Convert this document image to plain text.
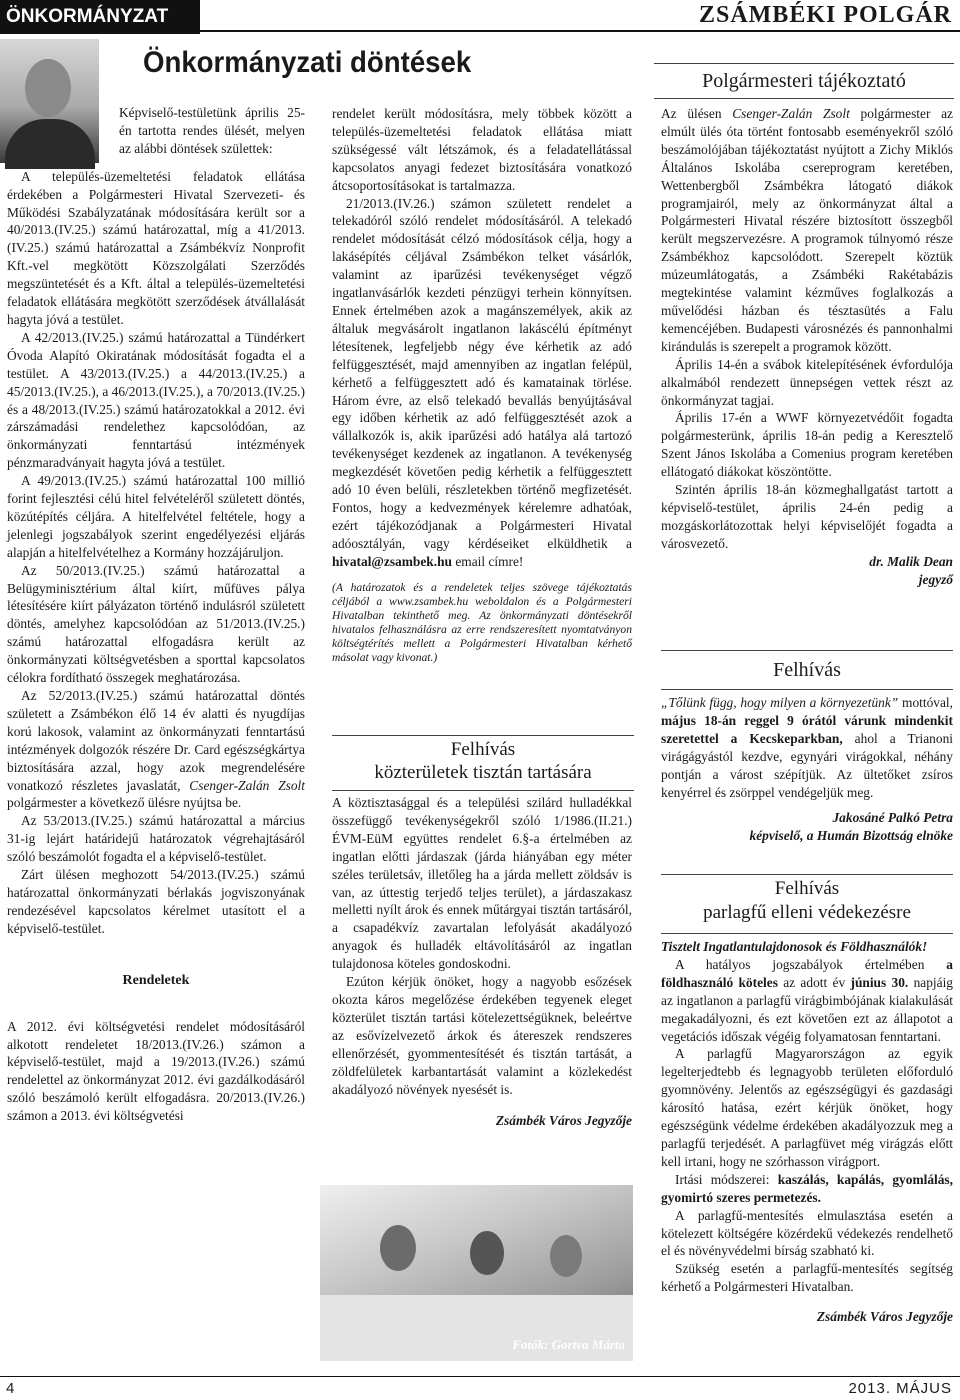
ÖNKORMÁNYZAT	ZSÁMBÉKI POLGÁR
Önkormányzati döntések
Polgármesteri tájékoztató

Képviselő-testületünk április 25-én tartotta rendes ülését, melyen az alábbi döntések születtek:

A település-üzemeltetési feladatok ellátása érdekében a Polgármesteri Hivatal Szervezeti- és Működési Szabályzatának módosítására került sor a 40/2013.(IV.25.) számú határozattal, míg a 41/2013.(IV.25.) számú határozattal a Zsámbékvíz Nonprofit Kft.-vel megkötött Közszolgálati Szerződés megszüntetését és a Kft. által a település-üzemeltetési feladatok ellátására megkötött szerződések átvállalását hagyta jóvá a testület.

A 42/2013.(IV.25.) számú határozattal a Tündérkert Óvoda Alapító Okiratának módosítását fogadta el a testület. A 43/2013.(IV.25.) a 44/2013.(IV.25.) a 45/2013.(IV.25.), a 46/2013.(IV.25.), a 70/2013.(IV.25.) és a 48/2013.(IV.25.) számú határozatokkal a 2012. évi zárszámadási rendelethez kapcsolódóan, az önkormányzati fenntartású intézmények pénzmaradványait hagyta jóvá a testület.

A 49/2013.(IV.25.) számú határozattal 100 millió forint fejlesztési célú hitel felvételéről született döntés, közútépítés céljára. A hitelfelvétel feltétele, hogy a jelenlegi jogszabályok szerint engedélyezési eljárás alapján a hitelfelvételhez a Kormány hozzájáruljon.

Az 50/2013.(IV.25.) számú határozattal a Belügyminisztérium által kiírt, műfüves pálya létesítésére kiírt pályázaton történő indulásról született döntés, amelyhez kapcsolódóan az 51/2013.(IV.25.) számú határozattal elfogadásra került az önkormányzati költségvetésben a sporttal kapcsolatos célokra fordítható összegek meghatározása.

Az 52/2013.(IV.25.) számú határozattal döntés született a Zsámbékon élő 14 év alatti és nyugdíjas korú lakosok, valamint az önkormányzati fenntartású intézmények dolgozók részére Dr. Card egészségkártya biztosítására azzal, hogy azok megrendelésére vonatkozó részletes javaslatát, Csenger-Zalán Zsolt polgármester a következő ülésre nyújtsa be.

Az 53/2013.(IV.25.) számú határozattal a március 31-ig lejárt határidejű határozatok végrehajtásáról szóló beszámolót fogadta el a képviselő-testület.

Zárt ülésen meghozott 54/2013.(IV.25.) számú határozattal önkormányzati bérlakás jogviszonyának rendezésével kapcsolatos kérelmet utasított el a képviselő-testület.

Rendeletek

A 2012. évi költségvetési rendelet módosításáról alkotott rendeletet 18/2013.(IV.26.) számon a képviselő-testület, majd a 19/2013.(IV.26.) számú rendelettel az önkormányzat 2012. évi gazdálkodásáról szóló beszámoló került elfogadásra. 20/2013.(IV.26.) számon a 2013. évi költségvetési

rendelet került módosításra, mely többek között a település-üzemeltetési feladatok ellátása miatt szükségessé vált létszámok, és a feladatellátással kapcsolatos anyagi fedezet biztosítására vonatkozó átcsoportosításokat is tartalmazza.

21/2013.(IV.26.) számon született rendelet a telekadóról szóló rendelet módosításáról. A telekadó rendelet módosítását célzó módosítások célja, hogy a lakásépítés céljával Zsámbékon telket vásárlók, valamint az iparűzési tevékenységet végző ingatlanvásárlók kezdeti pénzügyi terhein könnyítsen. Ennek értelmében azok a magánszemélyek, akik az általuk megvásárolt ingatlanon lakáscélú építményt létesítenek, legfeljebb négy éve kérhetik az adó felfüggesztését, majd amennyiben az ingatlan felépül, kérhető a felfüggesztett adó és kamatainak törlése. Három évre, az első telekadó bevallás benyújtásával egy időben kérhetik az adó felfüggesztését azok a vállalkozók is, akik iparűzési adó hatálya alá tartozó tevékenységet kezdenek az ingatlanon. A tevékenység megkezdését követően pedig kérhetik a felfüggesztett adó 10 éven belüli, részletekben történő megfizetését. Fontos, hogy a kedvezmények kérelemre adhatóak, ezért tájékozódjanak a Polgármesteri Hivatal adóosztályán, vagy kérdéseiket elküldhetik a hivatal@zsambek.hu email címre!

(A határozatok és a rendeletek teljes szövege tájékoztatás céljából a www.zsambek.hu weboldalon és a Polgármesteri Hivatalban tekinthető meg. Az önkormányzati döntésekről hivatalos felhasználásra az erre rendszeresített nyomtatványon költségtérítés mellett a Polgármesteri Hivatalban kérhető másolat vagy kivonat.)

Felhívás
közterületek tisztán tartására

A köztisztasággal és a települési szilárd hulladékkal összefüggő tevékenységekről szóló 1/1986.(II.21.) ÉVM-EüM együttes rendelet 6.§-a értelmében az ingatlan előtti járdaszak (járda hiányában egy méter széles területsáv, illetőleg ha a járda mellett zöldsáv is van, az úttestig terjedő teljes terület), a járdaszakasz melletti nyílt árok és ennek műtárgyai tisztán tartásáról, a csapadékvíz zavartalan lefolyását akadályozó anyagok és hulladék eltávolításáról az ingatlan tulajdonosa köteles gondoskodni.

Ezúton kérjük önöket, hogy a nagyobb esőzések okozta káros megelőzése érdekében tegyenek eleget közterület tisztán tartási kötelezettségüknek, beleértve az esővízelvezető árkok és átereszek rendszeres ellenőrzését, gyommentesítését és tisztán tartását, a zöldfelületek karbantartását valamint a közlekedést akadályozó növények nyesését is.

Zsámbék Város Jegyzője

Fotók: Gortva Márta

Az ülésen Csenger-Zalán Zsolt polgármester az elmúlt ülés óta történt fontosabb eseményekről szóló beszámolójában tájékoztatást nyújtott a Zichy Miklós Általános Iskolába csereprogram keretében, Wettenbergből Zsámbékra látogató diákok programjairól, mely az önkormányzat által a Polgármesteri Hivatal részére biztosított összegből került megszervezésre. A programok túlnyomó része Zsámbékhoz kapcsolódott. Szerepelt köztük múzeumlátogatás, a Zsámbéki Rakétabázis megtekintése valamint kézműves foglalkozás a művelődési házban és tésztasütés a Falu kemencéjében. Budapesti városnézés és pannonhalmi kirándulás is szerepelt a programok között.

Április 14-én a svábok kitelepítésének évfordulója alkalmából rendezett ünnepségen vettek részt az önkormányzat tagjai.

Április 17-én a WWF környezetvédőit fogadta polgármesterünk, április 18-án pedig a Keresztelő Szent János Iskolába a Comenius program keretében ellátogató diákokat köszöntötte.

Szintén április 18-án közmeghallgatást tartott a képviselő-testület, április 24-én pedig a mozgáskorlátozottak helyi képviselőjét fogadta a városvezető.

dr. Malik Dean

jegyző

Felhívás

„Tőlünk függ, hogy milyen a környezetünk” mottóval, május 18-án reggel 9 órától várunk mindenkit szeretettel a Kecskeparkban, ahol a Trianoni virágágyástól kezdve, egynyári virágokkal, néhány pontján a várost szépítjük. Az ültetőket zsíros kenyérrel és zsörppel vendégeljük meg.

Jakosáné Palkó Petra

képviselő, a Humán Bizottság elnöke

Felhívás
parlagfű elleni védekezésre

Tisztelt Ingatlantulajdonosok és Földhasználók!

A hatályos jogszabályok értelmében a földhasználó köteles az adott év június 30. napjáig az ingatlanon a parlagfű virágbimbójának kialakulását megakadályozni, és ezt követően ezt az állapotot a vegetációs időszak végéig folyamatosan fenntartani.

A parlagfű Magyarországon az egyik legelterjedtebb és legnagyobb területen előforduló gyomnövény. Jelentős az egészségügyi és gazdasági károsító hatása, ezért kérjük önöket, hogy egészségünk védelme érdekében akadályozzuk meg a parlagfű terjedését. A parlagfüvet még virágzás előtt kell irtani, hogy ne szórhasson virágport.

Irtási módszerei: kaszálás, kapálás, gyomlálás, gyomirtó szeres permetezés.

A parlagfű-mentesítés elmulasztása esetén a kötelezett költségére közérdekű védekezés rendelhető el és növényvédelmi bírság szabható ki.

Szükség esetén a parlagfű-mentesítés segítség kérhető a Polgármesteri Hivatalban.

Zsámbék Város Jegyzője

4	2013. MÁJUS
